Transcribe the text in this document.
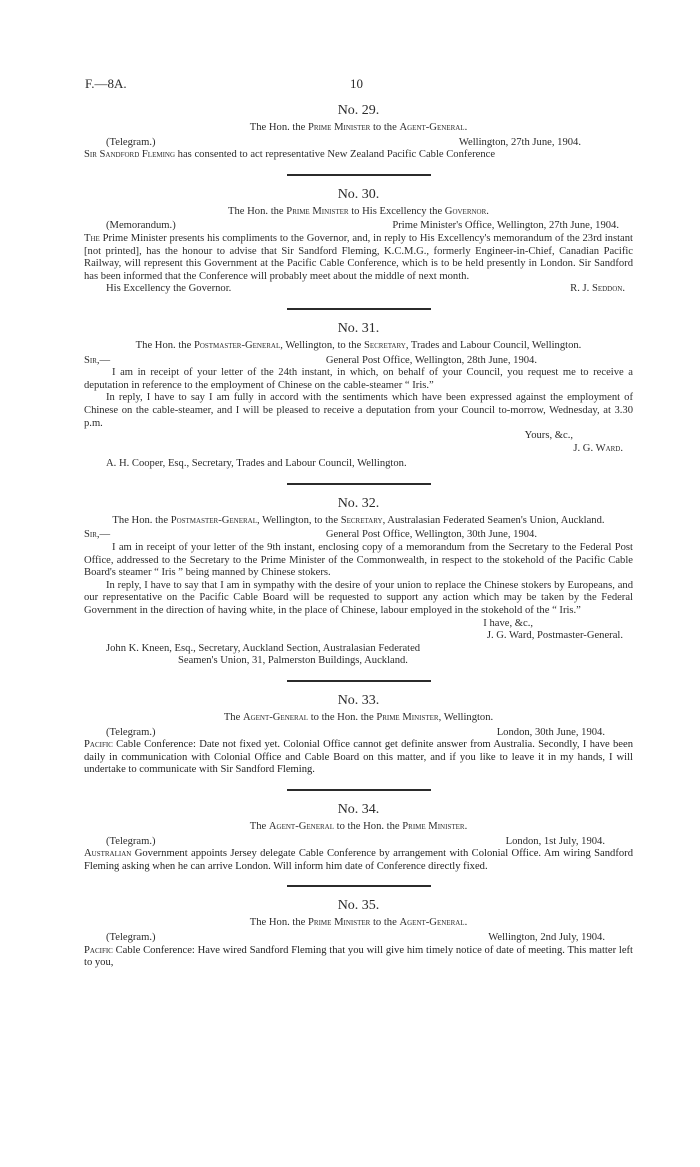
F.—8A.	10
No. 29.
The Hon. the Prime Minister to the Agent-General.
(Telegram.)	Wellington, 27th June, 1904.

Sir Sandford Fleming has consented to act representative New Zealand Pacific Cable Conference

No. 30.
The Hon. the Prime Minister to His Excellency the Governor.
(Memorandum.)	Prime Minister's Office, Wellington, 27th June, 1904.

The Prime Minister presents his compliments to the Governor, and, in reply to His Excellency's memorandum of the 23rd instant [not printed], has the honour to advise that Sir Sandford Fleming, K.C.M.G., formerly Engineer-in-Chief, Canadian Pacific Railway, will represent this Government at the Pacific Cable Conference, which is to be held presently in London. Sir Sandford has been informed that the Conference will probably meet about the middle of next month.

His Excellency the Governor.	R. J. Seddon.
No. 31.
The Hon. the Postmaster-General, Wellington, to the Secretary, Trades and Labour Council, Wellington.
Sir,—	General Post Office, Wellington, 28th June, 1904.

I am in receipt of your letter of the 24th instant, in which, on behalf of your Council, you request me to receive a deputation in reference to the employment of Chinese on the cable-steamer “ Iris.”

In reply, I have to say I am fully in accord with the sentiments which have been expressed against the employment of Chinese on the cable-steamer, and I will be pleased to receive a deputation from your Council to-morrow, Wednesday, at 3.30 p.m.

Yours, &c.,
J. G. Ward.
A. H. Cooper, Esq., Secretary, Trades and Labour Council, Wellington.
No. 32.
The Hon. the Postmaster-General, Wellington, to the Secretary, Australasian Federated Seamen's Union, Auckland.
Sir,—	General Post Office, Wellington, 30th June, 1904.

I am in receipt of your letter of the 9th instant, enclosing copy of a memorandum from the Secretary to the Federal Post Office, addressed to the Secretary to the Prime Minister of the Commonwealth, in respect to the stokehold of the Pacific Cable Board's steamer “ Iris ” being manned by Chinese stokers.

In reply, I have to say that I am in sympathy with the desire of your union to replace the Chinese stokers by Europeans, and our representative on the Pacific Cable Board will be requested to support any action which may be taken by the Federal Government in the direction of having white, in the place of Chinese, labour employed in the stokehold of the “ Iris.”

I have, &c.,
J. G. Ward, Postmaster-General.
John K. Kneen, Esq., Secretary, Auckland Section, Australasian Federated
Seamen's Union, 31, Palmerston Buildings, Auckland.
No. 33.
The Agent-General to the Hon. the Prime Minister, Wellington.
(Telegram.)	London, 30th June, 1904.

Pacific Cable Conference: Date not fixed yet. Colonial Office cannot get definite answer from Australia. Secondly, I have been daily in communication with Colonial Office and Cable Board on this matter, and if you like to leave it in my hands, I will undertake to communicate with Sir Sandford Fleming.

No. 34.
The Agent-General to the Hon. the Prime Minister.
(Telegram.)	London, 1st July, 1904.

Australian Government appoints Jersey delegate Cable Conference by arrangement with Colonial Office. Am wiring Sandford Fleming asking when he can arrive London. Will inform him date of Conference directly fixed.

No. 35.
The Hon. the Prime Minister to the Agent-General.
(Telegram.)	Wellington, 2nd July, 1904.

Pacific Cable Conference: Have wired Sandford Fleming that you will give him timely notice of date of meeting. This matter left to you,
